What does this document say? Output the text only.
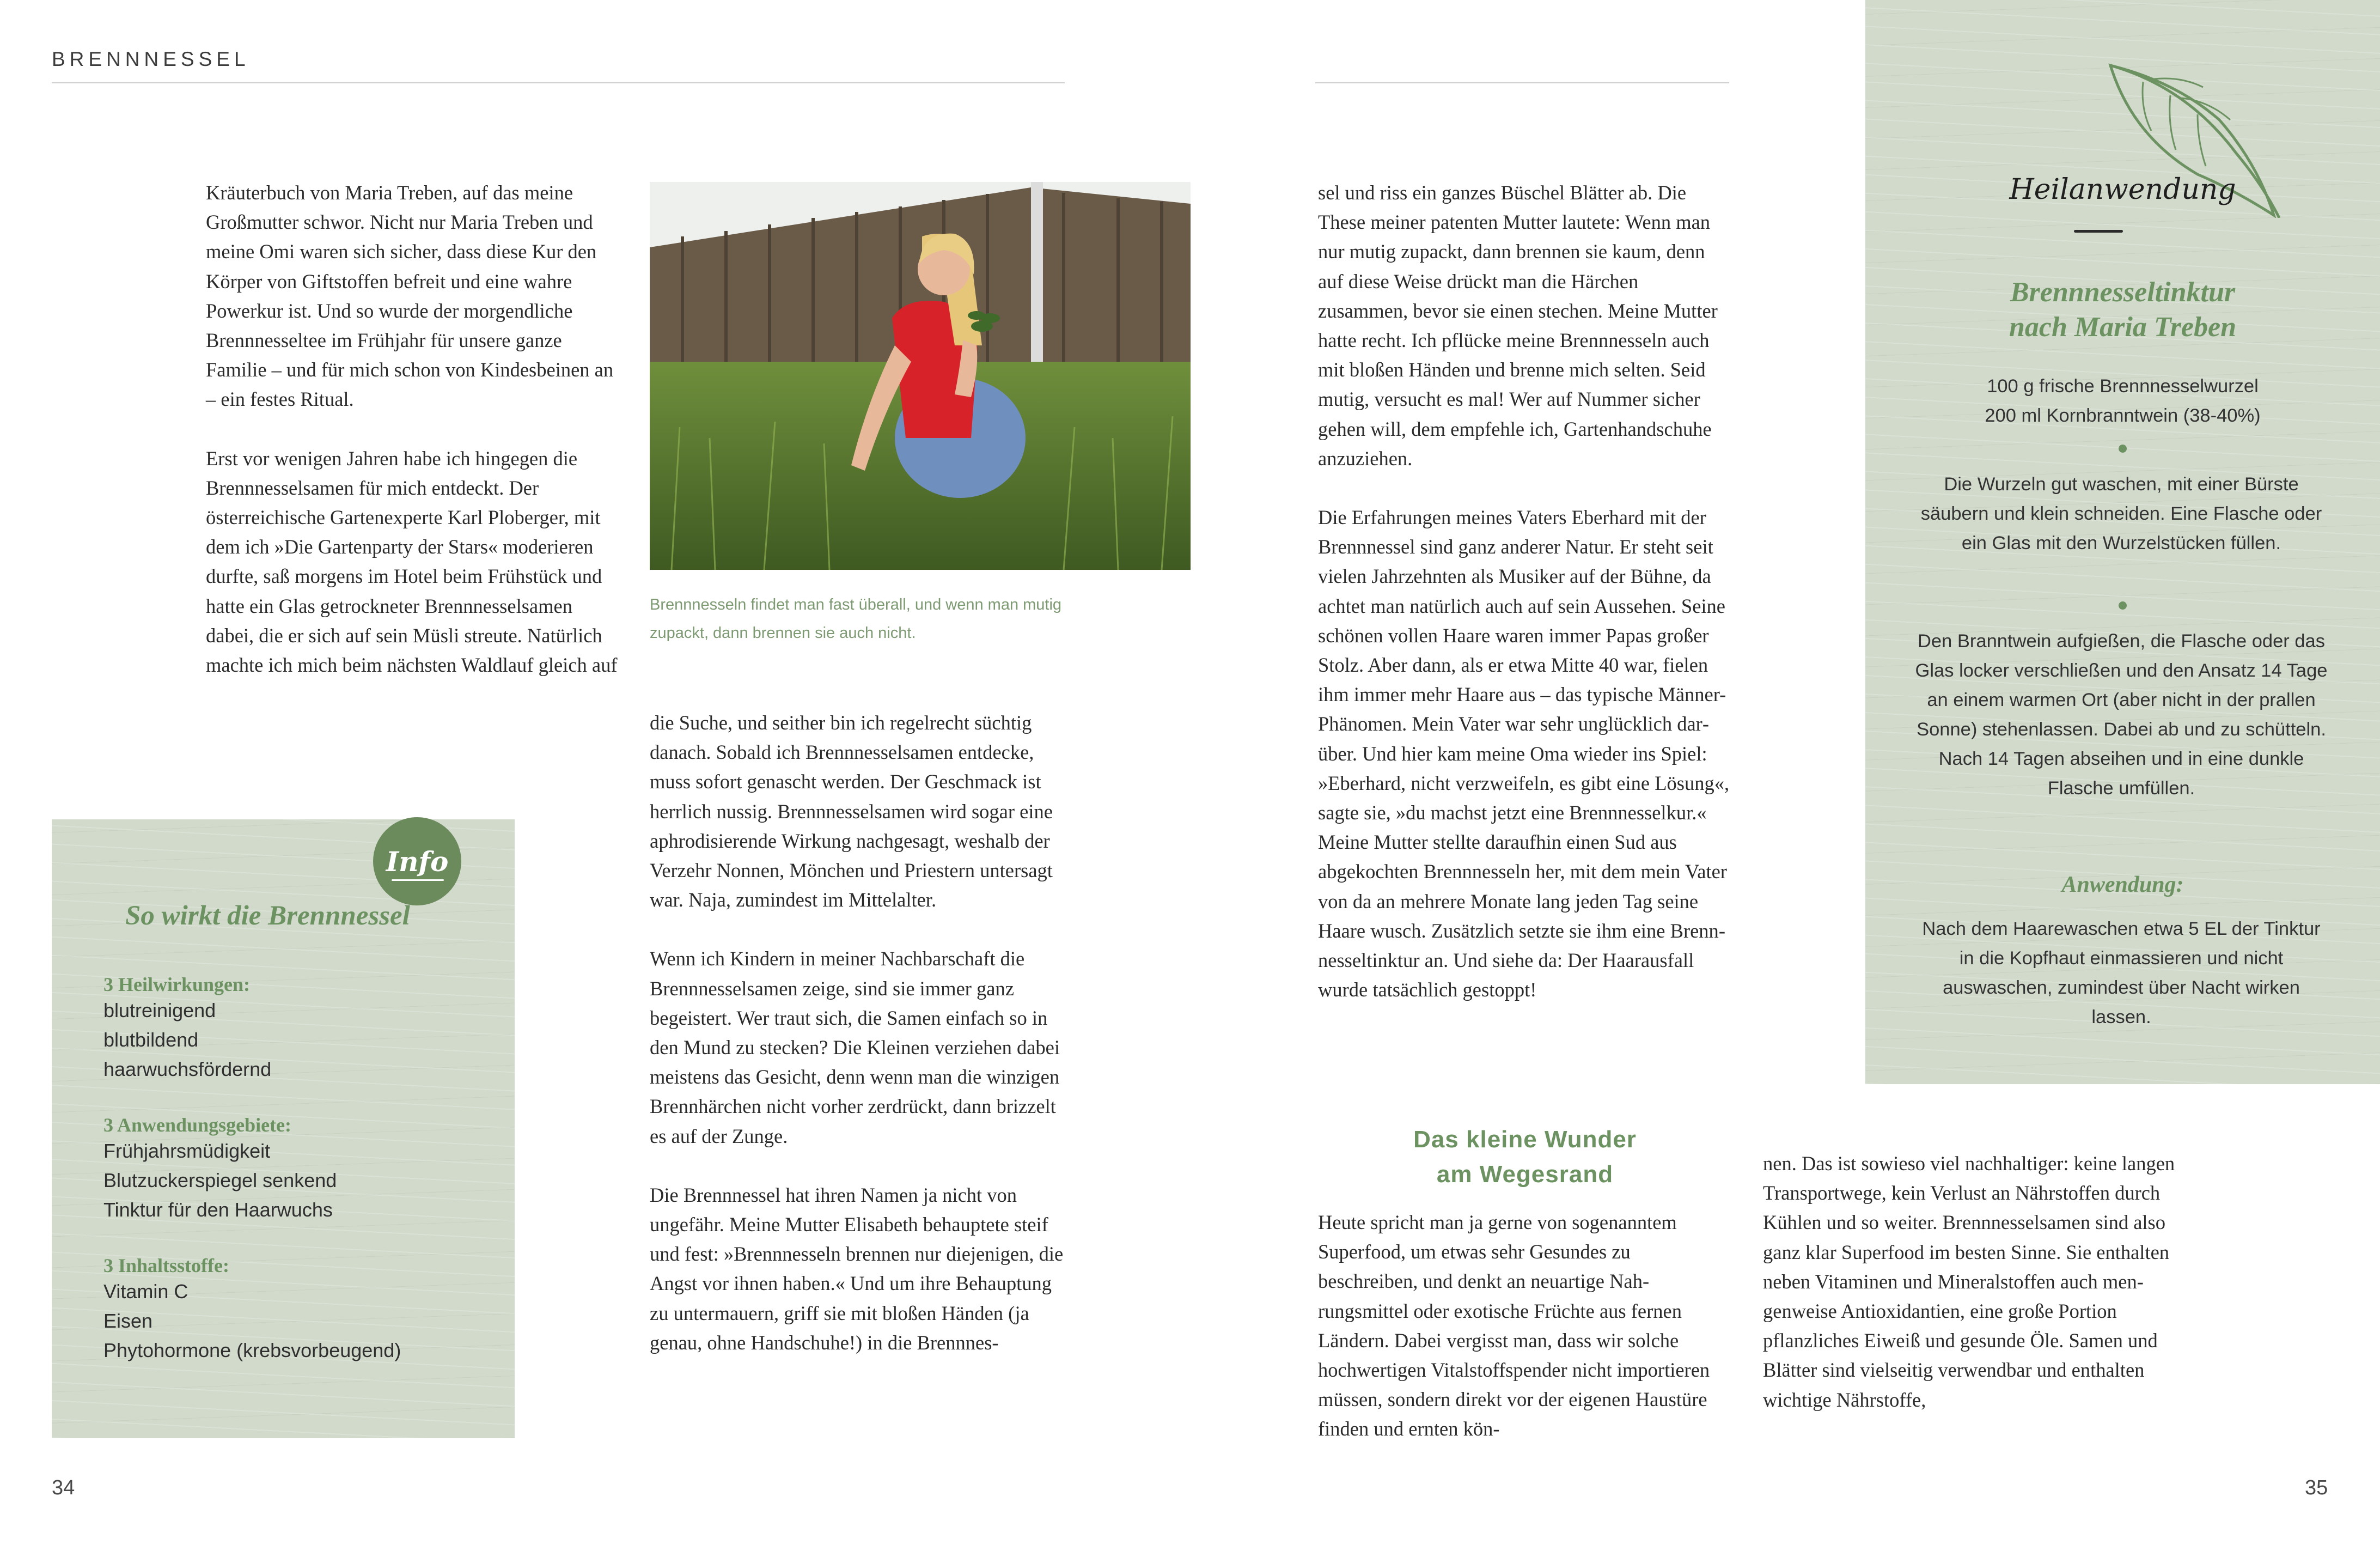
BRENNNESSEL

Kräuterbuch von Maria Treben, auf das meine Großmutter schwor. Nicht nur Maria Treben und meine Omi waren sich sicher, dass diese Kur den Körper von Giftstoffen befreit und eine wahre Powerkur ist. Und so wurde der morgendliche Brennnesseltee im Frühjahr für unsere ganze Familie – und für mich schon von Kindesbeinen an – ein festes Ritual.

Erst vor wenigen Jahren habe ich hingegen die Brennnesselsamen für mich entdeckt. Der österreichische Gartenexperte Karl Ploberger, mit dem ich »Die Gartenparty der Stars« moderieren durfte, saß morgens im Hotel beim Frühstück und hatte ein Glas getrockneter Brennnesselsamen dabei, die er sich auf sein Müsli streute. Natürlich machte ich mich beim nächsten Waldlauf gleich auf

Brennnesseln findet man fast überall, und wenn man mutig zupackt, dann brennen sie auch nicht.

die Suche, und seither bin ich regelrecht süchtig danach. Sobald ich Brennnesselsamen entdecke, muss sofort genascht werden. Der Geschmack ist herrlich nussig. Brennnesselsamen wird sogar eine aphrodisierende Wirkung nachgesagt, weshalb der Verzehr Nonnen, Mönchen und Priestern untersagt war. Naja, zumindest im Mittelalter.

Wenn ich Kindern in meiner Nachbarschaft die Brennnesselsamen zeige, sind sie immer ganz begeistert. Wer traut sich, die Samen einfach so in den Mund zu stecken? Die Kleinen verziehen dabei meistens das Gesicht, denn wenn man die winzigen Brennhärchen nicht vorher zerdrückt, dann brizzelt es auf der Zunge.

Die Brennnessel hat ihren Namen ja nicht von ungefähr. Meine Mutter Elisabeth behauptete steif und fest: »Brennnesseln brennen nur diejenigen, die Angst vor ihnen haben.« Und um ihre Behauptung zu untermauern, griff sie mit bloßen Händen (ja genau, ohne Handschuhe!) in die Brennnes-

Info
So wirkt die Brennnessel
3 Heilwirkungen:
blutreinigend
blutbildend
haarwuchsfördernd
3 Anwendungsgebiete:
Frühjahrsmüdigkeit
Blutzuckerspiegel senkend
Tinktur für den Haarwuchs
3 Inhaltsstoffe:
Vitamin C
Eisen
Phytohormone (krebsvorbeugend)

sel und riss ein ganzes Büschel Blätter ab. Die These meiner patenten Mutter lautete: Wenn man nur mutig zupackt, dann brennen sie kaum, denn auf diese Weise drückt man die Härchen zusammen, bevor sie einen stechen. Meine Mutter hatte recht. Ich pflücke meine Brennnesseln auch mit bloßen Händen und brenne mich selten. Seid mutig, versucht es mal! Wer auf Nummer sicher gehen will, dem empfehle ich, Gartenhandschuhe anzuziehen.

Die Erfahrungen meines Vaters Eberhard mit der Brennnessel sind ganz anderer Natur. Er steht seit vielen Jahrzehnten als Musiker auf der Bühne, da achtet man natürlich auch auf sein Aussehen. Seine schönen vollen Haare waren immer Papas großer Stolz. Aber dann, als er etwa Mitte 40 war, fielen ihm immer mehr Haare aus – das typische Männer-Phänomen. Mein Vater war sehr unglücklich darüber. Und hier kam meine Oma wieder ins Spiel: »Eberhard, nicht verzweifeln, es gibt eine Lösung«, sagte sie, »du machst jetzt eine Brennnesselkur.« Meine Mutter stellte daraufhin einen Sud aus abgekochten Brennnesseln her, mit dem mein Vater von da an mehrere Monate lang jeden Tag seine Haare wusch. Zusätzlich setzte sie ihm eine Brennnesseltinktur an. Und siehe da: Der Haarausfall wurde tatsächlich gestoppt!

Das kleine Wunder
am Wegesrand

Heute spricht man ja gerne von sogenanntem Superfood, um etwas sehr Gesundes zu beschreiben, und denkt an neuartige Nahrungsmittel oder exotische Früchte aus fernen Ländern. Dabei vergisst man, dass wir solche hochwertigen Vitalstoffspender nicht importieren müssen, sondern direkt vor der eigenen Haustüre finden und ernten kön-

nen. Das ist sowieso viel nachhaltiger: keine langen Transportwege, kein Verlust an Nährstoffen durch Kühlen und so weiter. Brennnesselsamen sind also ganz klar Superfood im besten Sinne. Sie enthalten neben Vitaminen und Mineralstoffen auch mengenweise Antioxidantien, eine große Portion pflanzliches Eiweiß und gesunde Öle. Samen und Blätter sind vielseitig verwendbar und enthalten wichtige Nährstoffe,

Heilanwendung
Brennnesseltinktur
nach Maria Treben
100 g frische Brennnesselwurzel
200 ml Kornbranntwein (38-40%)
Die Wurzeln gut waschen, mit einer Bürste säubern und klein schneiden. Eine Flasche oder ein Glas mit den Wurzelstücken füllen.
Den Branntwein aufgießen, die Flasche oder das Glas locker verschließen und den Ansatz 14 Tage an einem warmen Ort (aber nicht in der prallen Sonne) stehenlassen. Dabei ab und zu schütteln. Nach 14 Tagen abseihen und in eine dunkle Flasche umfüllen.
Anwendung:
Nach dem Haarewaschen etwa 5 EL der Tinktur in die Kopfhaut einmassieren und nicht auswaschen, zumindest über Nacht wirken lassen.
34	35
